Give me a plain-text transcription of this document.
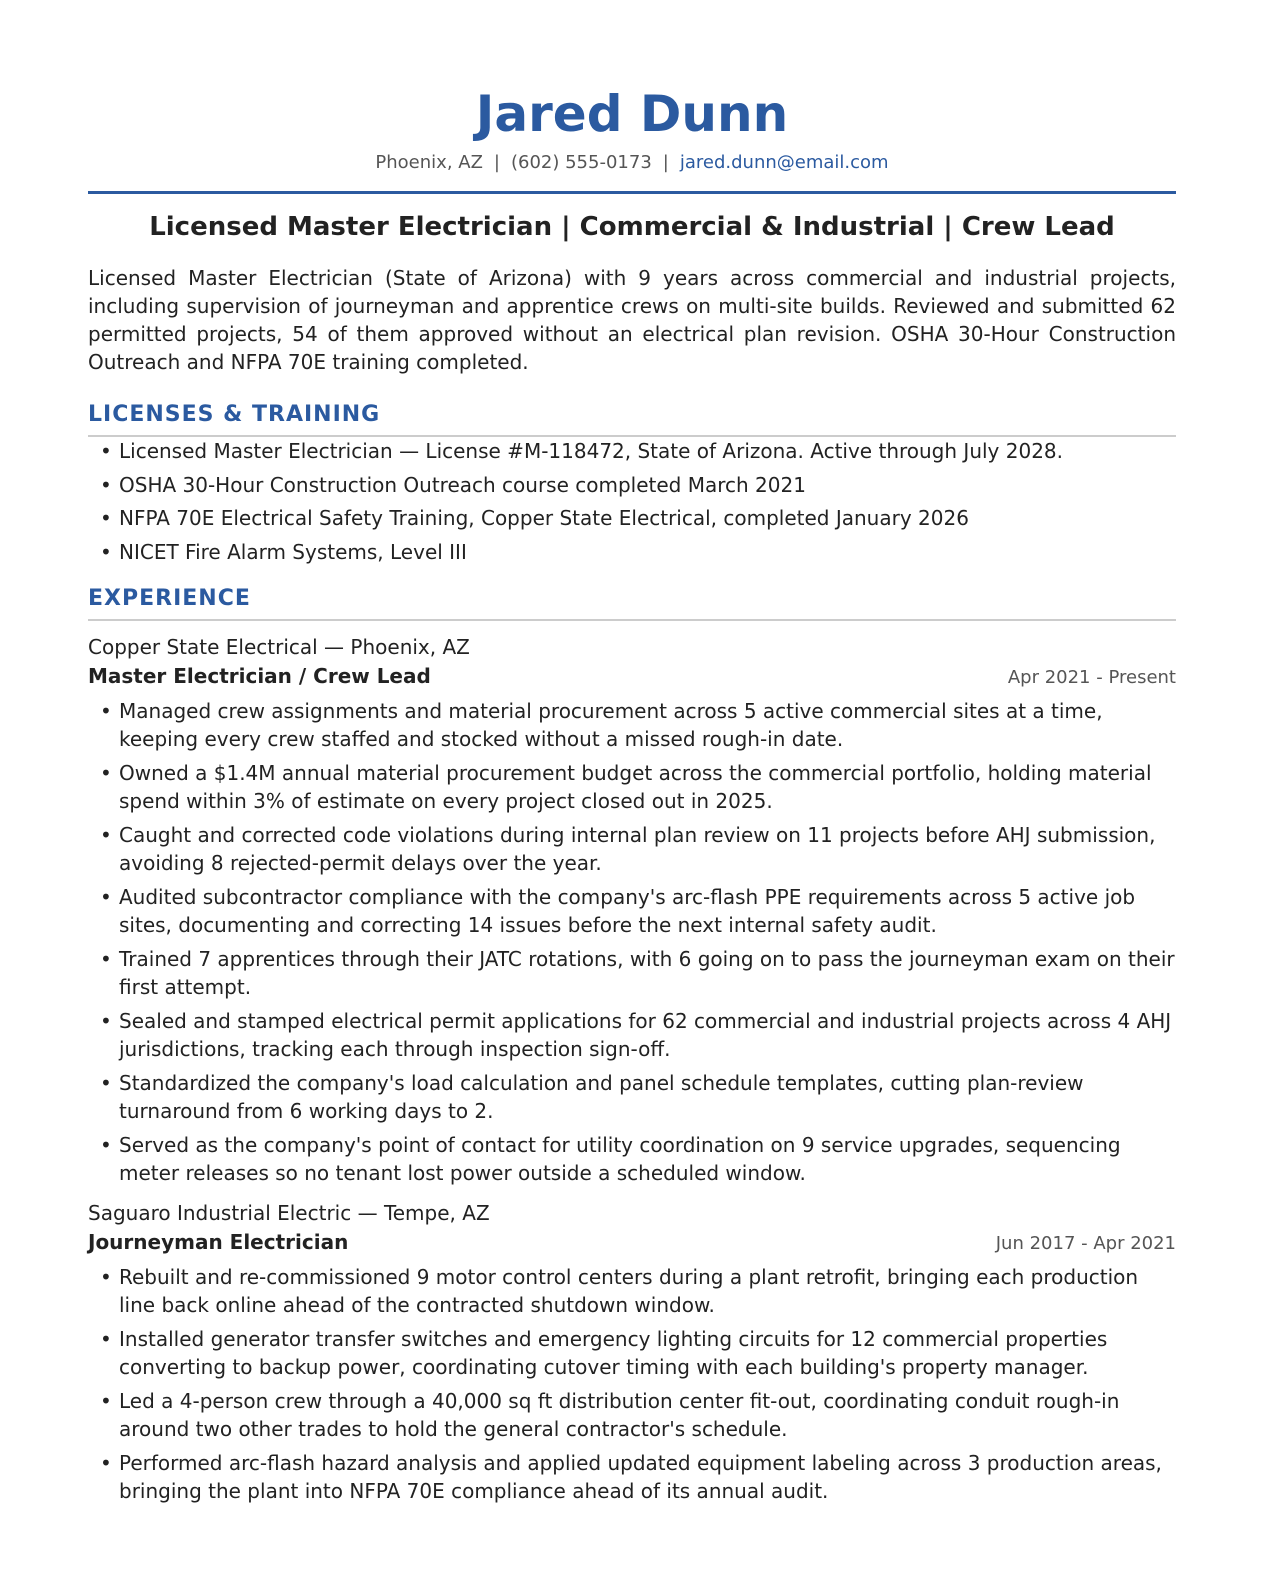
Jared Dunn
Phoenix, AZ | (602) 555-0173 | jared.dunn@email.com
Licensed Master Electrician | Commercial & Industrial | Crew Lead

Licensed Master Electrician (State of Arizona) with 9 years across commercial and industrial projects, including supervision of journeyman and apprentice crews on multi-site builds. Reviewed and submitted 62 permitted projects, 54 of them approved without an electrical plan revision. OSHA 30-Hour Construction Outreach and NFPA 70E training completed.

LICENSES & TRAINING
• Licensed Master Electrician — License #M-118472, State of Arizona. Active through July 2028.
• OSHA 30-Hour Construction Outreach course completed March 2021
• NFPA 70E Electrical Safety Training, Copper State Electrical, completed January 2026
• NICET Fire Alarm Systems, Level III
EXPERIENCE
Copper State Electrical — Phoenix, AZ
Master Electrician / Crew Lead	Apr 2021 - Present
• Managed crew assignments and material procurement across 5 active commercial sites at a time, keeping every crew staffed and stocked without a missed rough-in date.
• Owned a $1.4M annual material procurement budget across the commercial portfolio, holding material spend within 3% of estimate on every project closed out in 2025.
• Caught and corrected code violations during internal plan review on 11 projects before AHJ submission, avoiding 8 rejected-permit delays over the year.
• Audited subcontractor compliance with the company's arc-flash PPE requirements across 5 active job sites, documenting and correcting 14 issues before the next internal safety audit.
• Trained 7 apprentices through their JATC rotations, with 6 going on to pass the journeyman exam on their first attempt.
• Sealed and stamped electrical permit applications for 62 commercial and industrial projects across 4 AHJ jurisdictions, tracking each through inspection sign-off.
• Standardized the company's load calculation and panel schedule templates, cutting plan-review turnaround from 6 working days to 2.
• Served as the company's point of contact for utility coordination on 9 service upgrades, sequencing meter releases so no tenant lost power outside a scheduled window.
Saguaro Industrial Electric — Tempe, AZ
Journeyman Electrician	Jun 2017 - Apr 2021
• Rebuilt and re-commissioned 9 motor control centers during a plant retrofit, bringing each production line back online ahead of the contracted shutdown window.
• Installed generator transfer switches and emergency lighting circuits for 12 commercial properties converting to backup power, coordinating cutover timing with each building's property manager.
• Led a 4-person crew through a 40,000 sq ft distribution center fit-out, coordinating conduit rough-in around two other trades to hold the general contractor's schedule.
• Performed arc-flash hazard analysis and applied updated equipment labeling across 3 production areas, bringing the plant into NFPA 70E compliance ahead of its annual audit.
